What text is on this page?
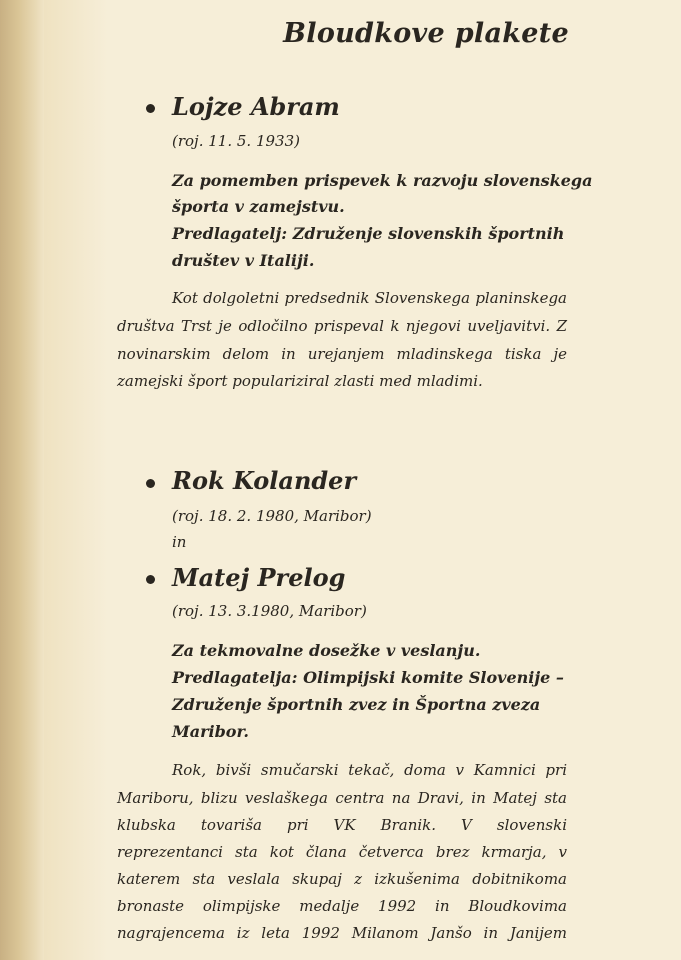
Bloudkove plakete
Lojze Abram
(roj. 11. 5. 1933)
Za pomemben prispevek k razvoju slovenskega
športa v zamejstvu.
Predlagatelj: Združenje slovenskih športnih
društev v Italiji.
Kot dolgoletni predsednik Slovenskega planinskega
društva Trst je odločilno prispeval k njegovi uveljavitvi. Z
novinarskim delom in urejanjem mladinskega tiska je
zamejski šport populariziral zlasti med mladimi.
Rok Kolander
(roj. 18. 2. 1980, Maribor)
in
Matej Prelog
(roj. 13. 3.1980, Maribor)
Za tekmovalne dosežke v veslanju.
Predlagatelja: Olimpijski komite Slovenije –
Združenje športnih zvez in Športna zveza
Maribor.
Rok, bivši smučarski tekač, doma v Kamnici pri
Mariboru, blizu veslaškega centra na Dravi, in Matej sta
klubska tovariša pri VK Branik. V slovenski
reprezentanci sta kot člana četverca brez krmarja, v
katerem sta veslala skupaj z izkušenima dobitnikoma
bronaste olimpijske medalje 1992 in Bloudkovima
nagrajencema iz leta 1992 Milanom Janšo in Janijem
